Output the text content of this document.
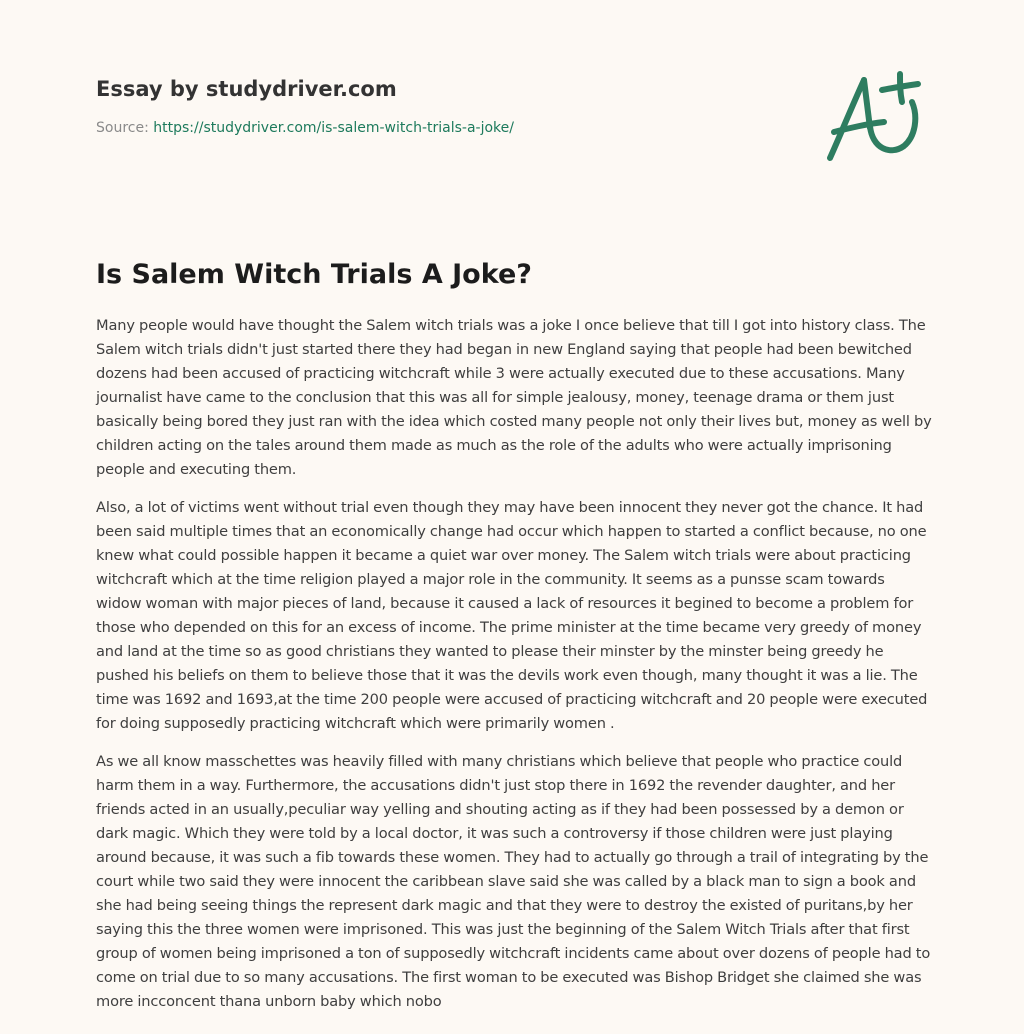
Essay by studydriver.com
Source: https://studydriver.com/is-salem-witch-trials-a-joke/
Is Salem Witch Trials A Joke?

Many people would have thought the Salem witch trials was a joke I once believe that till I got into history class. The Salem witch trials didn't just started there they had began in new England saying that people had been bewitched dozens had been accused of practicing witchcraft while 3 were actually executed due to these accusations. Many journalist have came to the conclusion that this was all for simple jealousy, money, teenage drama or them just basically being bored they just ran with the idea which costed many people not only their lives but, money as well by children acting on the tales around them made as much as the role of the adults who were actually imprisoning people and executing them.

Also, a lot of victims went without trial even though they may have been innocent they never got the chance. It had been said multiple times that an economically change had occur which happen to started a conflict because, no one knew what could possible happen it became a quiet war over money. The Salem witch trials were about practicing witchcraft which at the time religion played a major role in the community. It seems as a punsse scam towards widow woman with major pieces of land, because it caused a lack of resources it begined to become a problem for those who depended on this for an excess of income. The prime minister at the time became very greedy of money and land at the time so as good christians they wanted to please their minster by the minster being greedy he pushed his beliefs on them to believe those that it was the devils work even though, many thought it was a lie. The time was 1692 and 1693,at the time 200 people were accused of practicing witchcraft and 20 people were executed for doing supposedly practicing witchcraft which were primarily women .

As we all know masschettes was heavily filled with many christians which believe that people who practice could harm them in a way. Furthermore, the accusations didn't just stop there in 1692 the revender daughter, and her friends acted in an usually,peculiar way yelling and shouting acting as if they had been possessed by a demon or dark magic. Which they were told by a local doctor, it was such a controversy if those children were just playing around because, it was such a fib towards these women. They had to actually go through a trail of integrating by the court while two said they were innocent the caribbean slave said she was called by a black man to sign a book and she had being seeing things the represent dark magic and that they were to destroy the existed of puritans,by her saying this the three women were imprisoned. This was just the beginning of the Salem Witch Trials after that first group of women being imprisoned a ton of supposedly witchcraft incidents came about over dozens of people had to come on trial due to so many accusations. The first woman to be executed was Bishop Bridget she claimed she was more incconcent thana unborn baby which nobo
